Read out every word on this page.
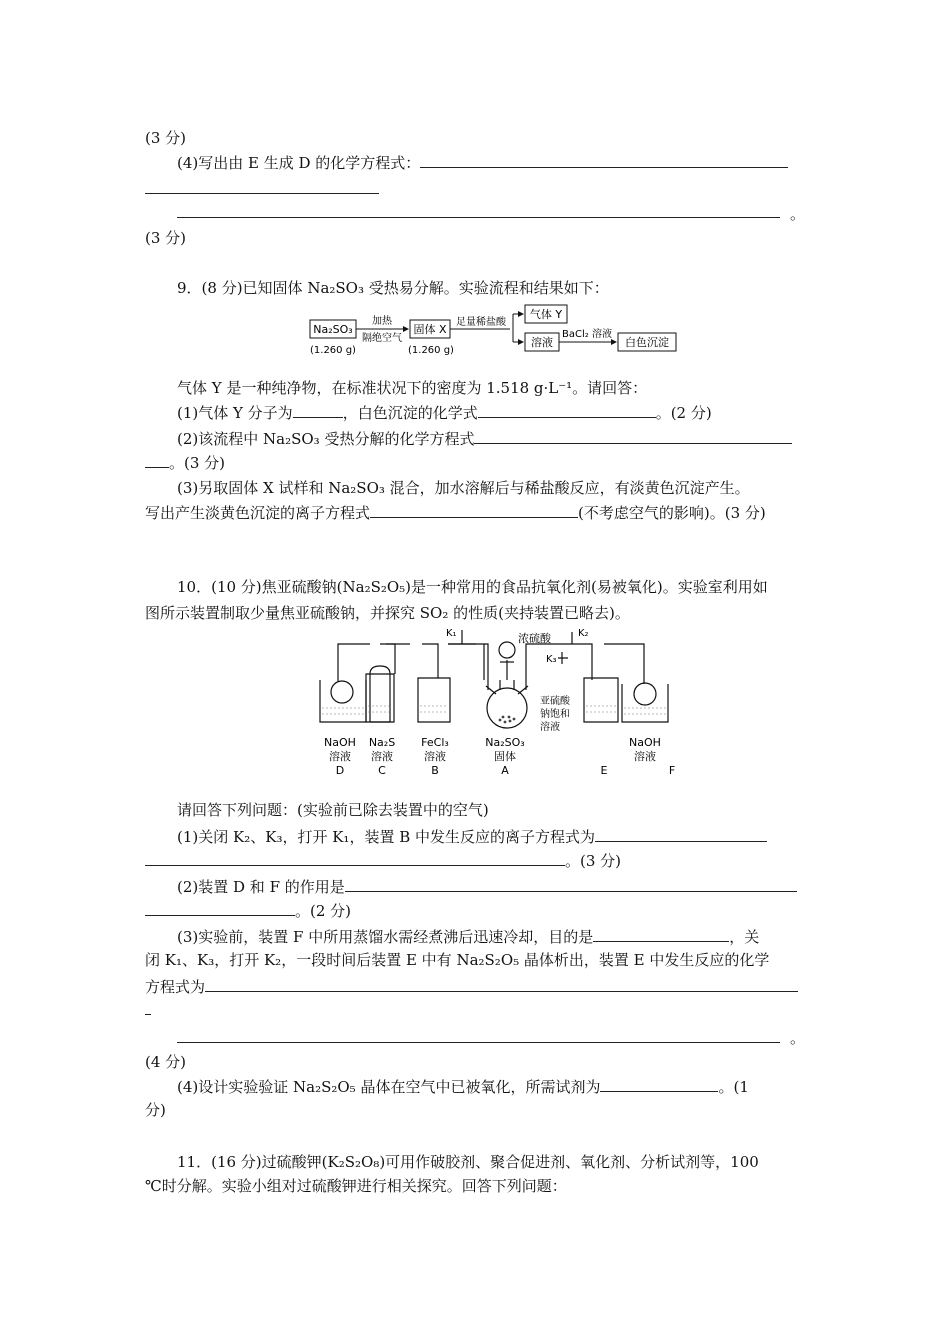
(3 分)
(4)写出由 E 生成 D 的化学方程式：
。
(3 分)
9．(8 分)已知固体 Na₂SO₃ 受热易分解。实验流程和结果如下：
Na₂SO₃
(1.260 g)
加热
隔绝空气
固体 X
(1.260 g)
足量稀盐酸
气体 Y
溶液
BaCl₂ 溶液
白色沉淀
气体 Y 是一种纯净物，在标准状况下的密度为 1.518 g·L⁻¹。请回答：
(1)气体 Y 分子为	，白色沉淀的化学式	。(2 分)
(2)该流程中 Na₂SO₃ 受热分解的化学方程式
。(3 分)
(3)另取固体 X 试样和 Na₂SO₃ 混合，加水溶解后与稀盐酸反应，有淡黄色沉淀产生。
写出产生淡黄色沉淀的离子方程式	(不考虑空气的影响)。(3 分)
10．(10 分)焦亚硫酸钠(Na₂S₂O₅)是一种常用的食品抗氧化剂(易被氧化)。实验室利用如
图所示装置制取少量焦亚硫酸钠，并探究 SO₂ 的性质(夹持装置已略去)。
K₁	K₂
K₃
浓硫酸
亚硫酸
钠饱和
溶液
NaOH
溶液
D
Na₂S
溶液
C
FeCl₃
溶液
B
Na₂SO₃
固体
A	E
NaOH
溶液
F
请回答下列问题：(实验前已除去装置中的空气)
(1)关闭 K₂、K₃，打开 K₁，装置 B 中发生反应的离子方程式为
。(3 分)
(2)装置 D 和 F 的作用是
。(2 分)
(3)实验前，装置 F 中所用蒸馏水需经煮沸后迅速冷却，目的是	，关
闭 K₁、K₃，打开 K₂，一段时间后装置 E 中有 Na₂S₂O₅ 晶体析出，装置 E 中发生反应的化学
方程式为
。
(4 分)
(4)设计实验验证 Na₂S₂O₅ 晶体在空气中已被氧化，所需试剂为	。(1
分)
11．(16 分)过硫酸钾(K₂S₂O₈)可用作破胶剂、聚合促进剂、氧化剂、分析试剂等，100
℃时分解。实验小组对过硫酸钾进行相关探究。回答下列问题：
